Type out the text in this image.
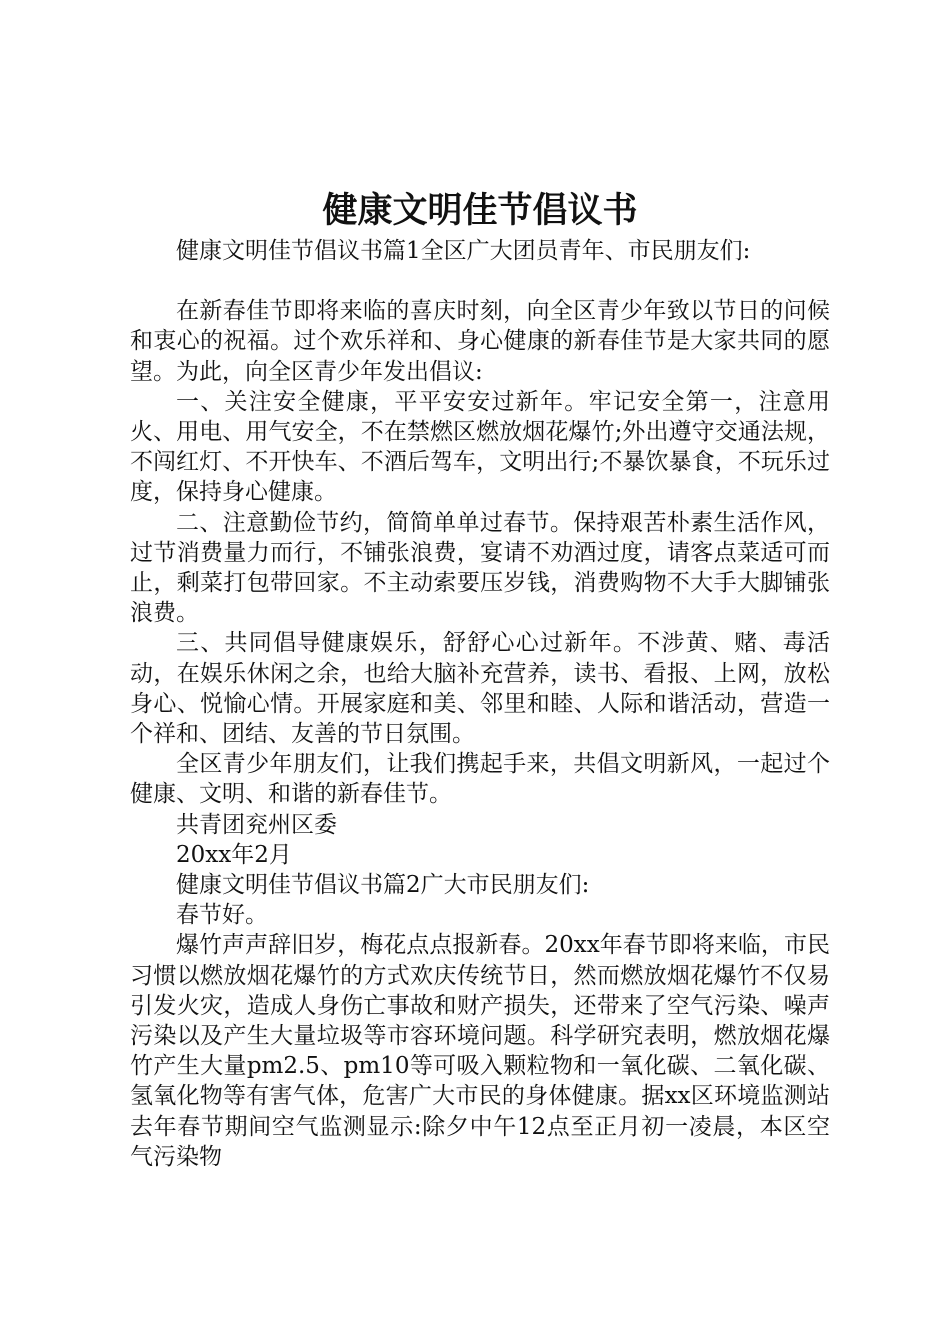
健康文明佳节倡议书

健康文明佳节倡议书篇1全区广大团员青年、市民朋友们:

在新春佳节即将来临的喜庆时刻，向全区青少年致以节日的问候和衷心的祝福。过个欢乐祥和、身心健康的新春佳节是大家共同的愿望。为此，向全区青少年发出倡议:

一、关注安全健康，平平安安过新年。牢记安全第一，注意用火、用电、用气安全，不在禁燃区燃放烟花爆竹;外出遵守交通法规，不闯红灯、不开快车、不酒后驾车，文明出行;不暴饮暴食，不玩乐过度，保持身心健康。

二、注意勤俭节约，简简单单过春节。保持艰苦朴素生活作风，过节消费量力而行，不铺张浪费，宴请不劝酒过度，请客点菜适可而止，剩菜打包带回家。不主动索要压岁钱，消费购物不大手大脚铺张浪费。

三、共同倡导健康娱乐，舒舒心心过新年。不涉黄、赌、毒活动，在娱乐休闲之余，也给大脑补充营养，读书、看报、上网，放松身心、悦愉心情。开展家庭和美、邻里和睦、人际和谐活动，营造一个祥和、团结、友善的节日氛围。

全区青少年朋友们，让我们携起手来，共倡文明新风，一起过个健康、文明、和谐的新春佳节。

共青团兖州区委

20xx年2月

健康文明佳节倡议书篇2广大市民朋友们:

春节好。

爆竹声声辞旧岁，梅花点点报新春。20xx年春节即将来临，市民习惯以燃放烟花爆竹的方式欢庆传统节日，然而燃放烟花爆竹不仅易引发火灾，造成人身伤亡事故和财产损失，还带来了空气污染、噪声污染以及产生大量垃圾等市容环境问题。科学研究表明，燃放烟花爆竹产生大量pm2.5、pm10等可吸入颗粒物和一氧化碳、二氧化碳、氢氧化物等有害气体，危害广大市民的身体健康。据xx区环境监测站去年春节期间空气监测显示:除夕中午12点至正月初一凌晨，本区空气污染物
